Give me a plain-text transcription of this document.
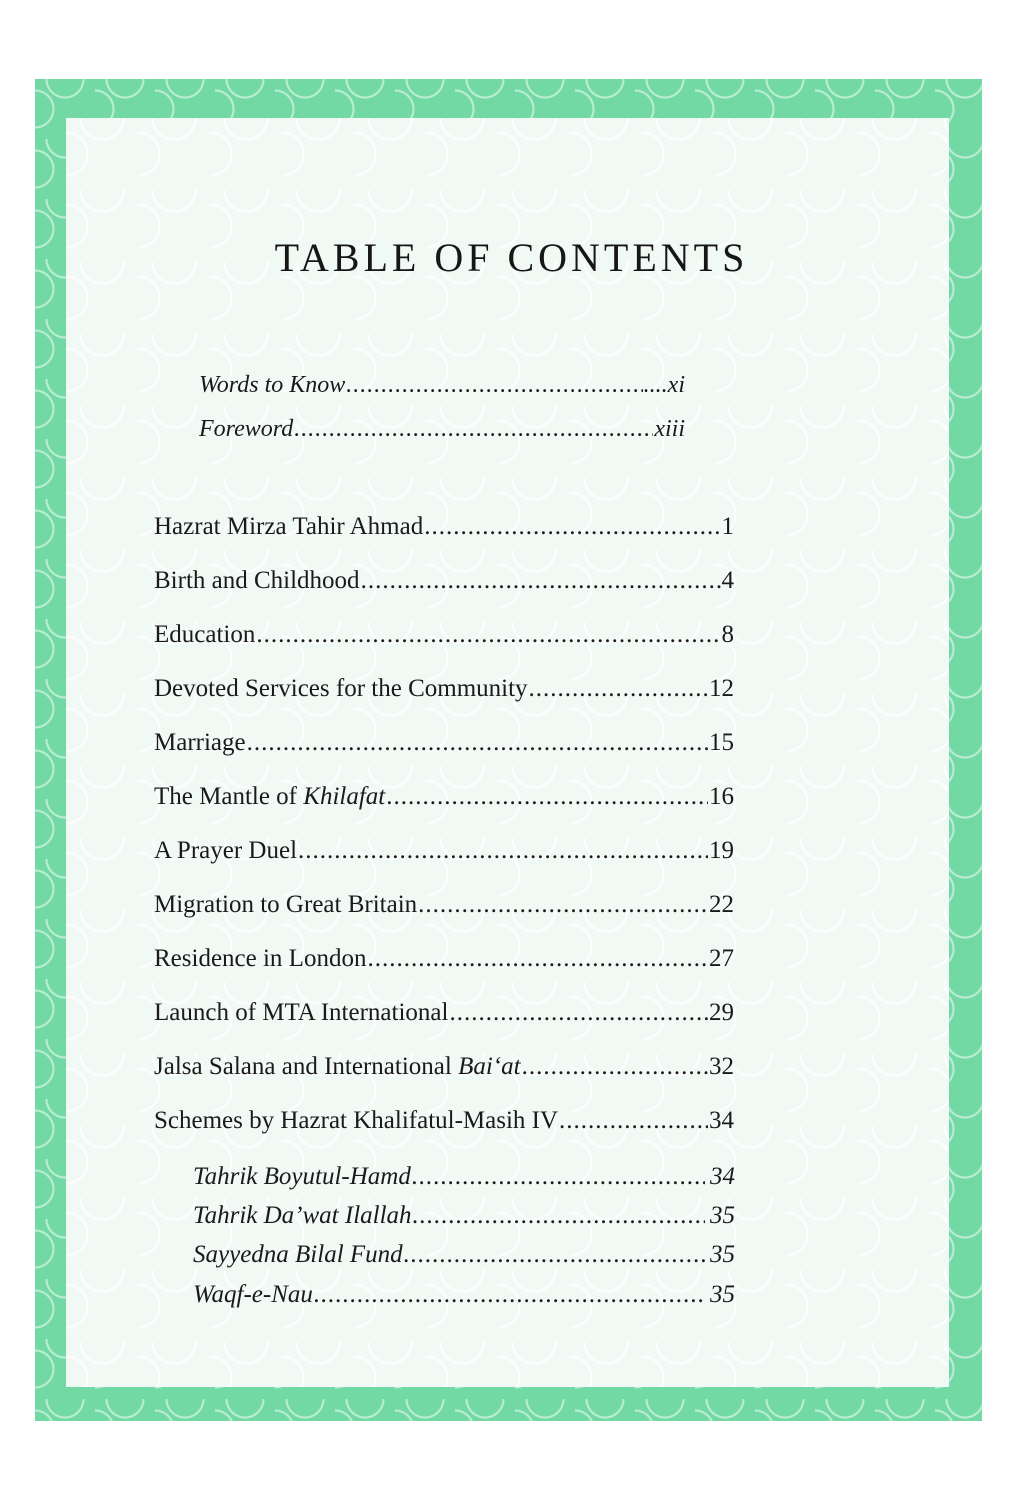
TABLE OF CONTENTS
Words to Know .....	....xi
Foreword .....	xiii
Hazrat Mirza Tahir Ahmad .....	1
Birth and Childhood .....	4
Education .....	8
Devoted Services for the Community .....	12
Marriage .....	15
The Mantle of Khilafat .....	16
A Prayer Duel .....	19
Migration to Great Britain .....	22
Residence in London .....	27
Launch of MTA International .....	29
Jalsa Salana and International Bai‘at .....	32
Schemes by Hazrat Khalifatul-Masih IV .....	34
Tahrik Boyutul-Hamd .....	34
Tahrik Da’wat Ilallah .....	35
Sayyedna Bilal Fund .....	35
Waqf-e-Nau .....	35
